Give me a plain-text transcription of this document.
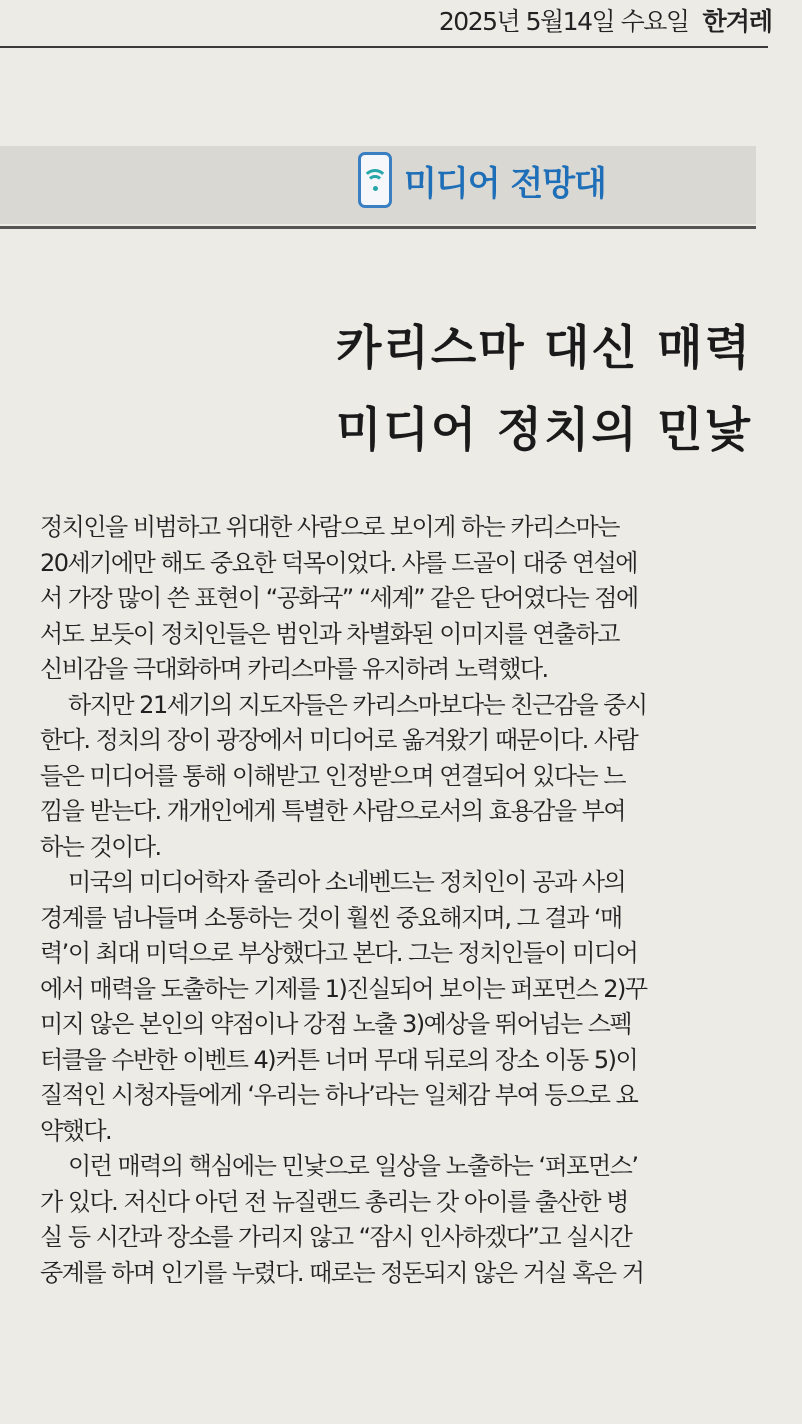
2025년 5월14일 수요일 한겨레
미디어 전망대
카리스마 대신 매력
미디어 정치의 민낯
정치인을 비범하고 위대한 사람으로 보이게 하는 카리스마는
20세기에만 해도 중요한 덕목이었다. 샤를 드골이 대중 연설에
서 가장 많이 쓴 표현이 “공화국” “세계” 같은 단어였다는 점에
서도 보듯이 정치인들은 범인과 차별화된 이미지를 연출하고
신비감을 극대화하며 카리스마를 유지하려 노력했다.
하지만 21세기의 지도자들은 카리스마보다는 친근감을 중시
한다. 정치의 장이 광장에서 미디어로 옮겨왔기 때문이다. 사람
들은 미디어를 통해 이해받고 인정받으며 연결되어 있다는 느
낌을 받는다. 개개인에게 특별한 사람으로서의 효용감을 부여
하는 것이다.
미국의 미디어학자 줄리아 소네벤드는 정치인이 공과 사의
경계를 넘나들며 소통하는 것이 훨씬 중요해지며, 그 결과 ‘매
력’이 최대 미덕으로 부상했다고 본다. 그는 정치인들이 미디어
에서 매력을 도출하는 기제를 1)진실되어 보이는 퍼포먼스 2)꾸
미지 않은 본인의 약점이나 강점 노출 3)예상을 뛰어넘는 스펙
터클을 수반한 이벤트 4)커튼 너머 무대 뒤로의 장소 이동 5)이
질적인 시청자들에게 ‘우리는 하나’라는 일체감 부여 등으로 요
약했다.
이런 매력의 핵심에는 민낯으로 일상을 노출하는 ‘퍼포먼스’
가 있다. 저신다 아던 전 뉴질랜드 총리는 갓 아이를 출산한 병
실 등 시간과 장소를 가리지 않고 “잠시 인사하겠다”고 실시간
중계를 하며 인기를 누렸다. 때로는 정돈되지 않은 거실 혹은 거
